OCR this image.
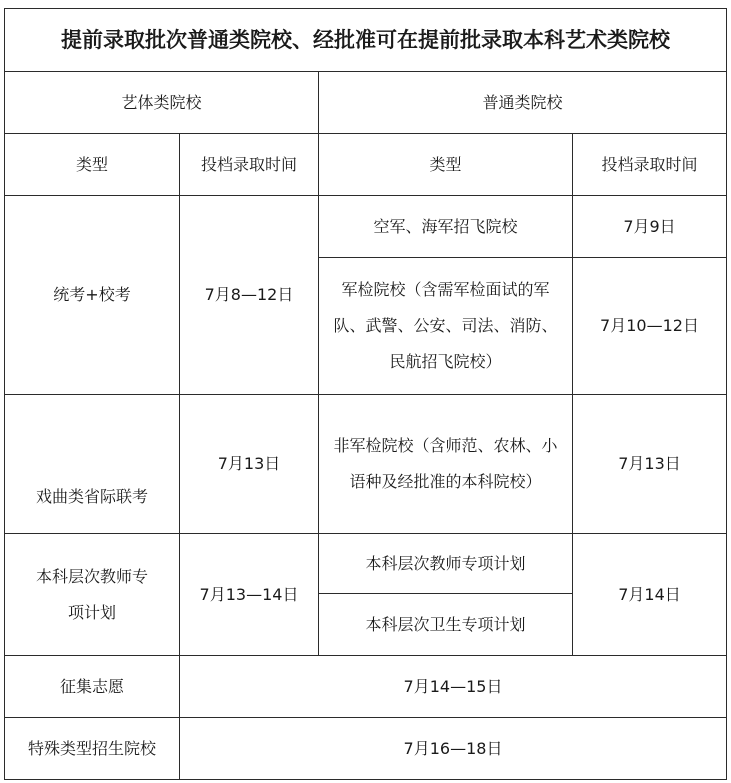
提前录取批次普通类院校、经批准可在提前批录取本科艺术类院校			
艺体类院校		普通类院校	
类型	投档录取时间	类型	投档录取时间
统考+校考	7月8—12日	空军、海军招飞院校	7月9日
		军检院校（含需军检面试的军队、武警、公安、司法、消防、民航招飞院校）	7月10—12日
戏曲类省际联考	7月13日	非军检院校（含师范、农林、小语种及经批准的本科院校）	7月13日
本科层次教师专项计划	7月13—14日	本科层次教师专项计划	7月14日
		本科层次卫生专项计划	
征集志愿	7月14—15日		
特殊类型招生院校	7月16—18日		
